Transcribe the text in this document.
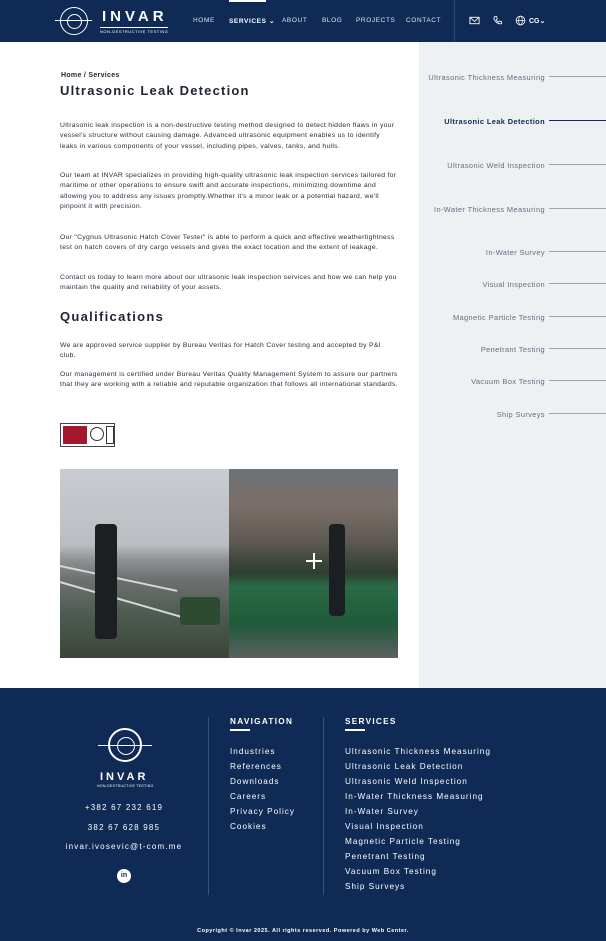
INVAR
NON-DESTRUCTIVE TESTING
HOME SERVICES ⌄ ABOUT BLOG PROJECTS CONTACT	CG⌄
Home / Services
Ultrasonic Leak Detection

Ultrasonic leak inspection is a non-destructive testing method designed to detect hidden flaws in your vessel's structure without causing damage. Advanced ultrasonic equipment enables us to identify leaks in various components of your vessel, including pipes, valves, tanks, and hulls.

Our team at INVAR specializes in providing high-quality ultrasonic leak inspection services tailored for maritime or other operations to ensure swift and accurate inspections, minimizing downtime and allowing you to address any issues promptly.Whether it's a minor leak or a potential hazard, we'll pinpoint it with precision.

Our "Cygnus Ultrasonic Hatch Cover Tester" is able to perform a quick and effective weathertightness test on hatch covers of dry cargo vessels and gives the exact location and the extent of leakage.

Contact us today to learn more about our ultrasonic leak inspection services and how we can help you maintain the quality and reliability of your assets.

Qualifications

We are approved service supplier by Bureau Veritas for Hatch Cover testing and accepted by P&I club.

Our management is certified under Bureau Veritas Quality Management System to assure our partners that they are working with a reliable and reputable organization that follows all international standards.

Ultrasonic Thickness Measuring
Ultrasonic Leak Detection
Ultrasonic Weld Inspection
In-Water Thickness Measuring
In-Water Survey
Visual Inspection
Magnetic Particle Testing
Penetrant Testing
Vacuum Box Testing
Ship Surveys
INVAR
NON-DESTRUCTIVE TESTING
+382 67 232 619
382 67 628 985
invar.ivosevic@t-com.me
in
NAVIGATION
Industries
References
Downloads
Careers
Privacy Policy
Cookies
SERVICES
Ultrasonic Thickness Measuring
Ultrasonic Leak Detection
Ultrasonic Weld Inspection
In-Water Thickness Measuring
In-Water Survey
Visual Inspection
Magnetic Particle Testing
Penetrant Testing
Vacuum Box Testing
Ship Surveys
Copyright © Invar 2025. All rights reserved. Powered by Web Center.
